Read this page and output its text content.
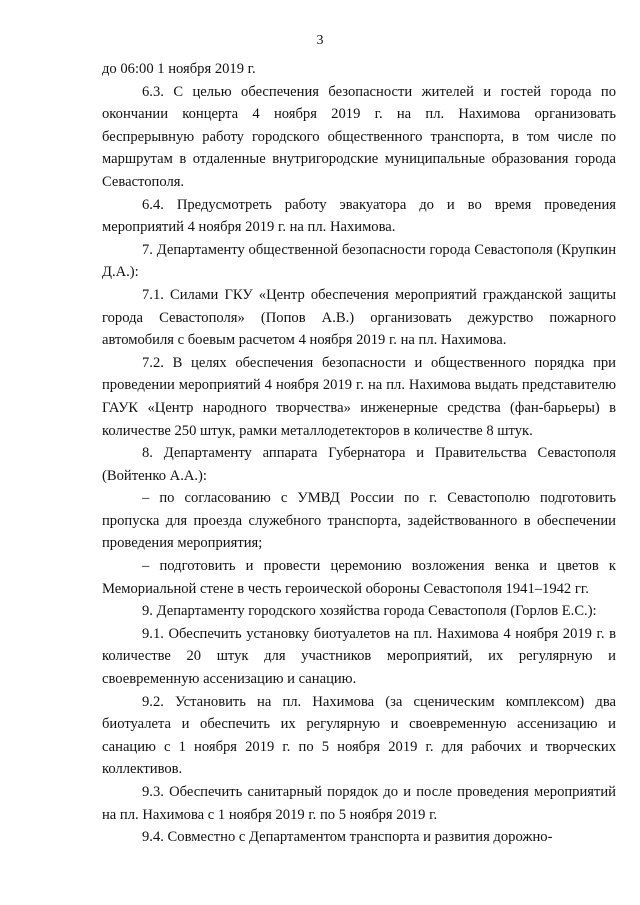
3

до 06:00 1 ноября 2019 г.

6.3. С целью обеспечения безопасности жителей и гостей города по окончании концерта 4 ноября 2019 г. на пл. Нахимова организовать беспрерывную работу городского общественного транспорта, в том числе по маршрутам в отдаленные внутригородские муниципальные образования города Севастополя.

6.4. Предусмотреть работу эвакуатора до и во время проведения мероприятий 4 ноября 2019 г. на пл. Нахимова.

7. Департаменту общественной безопасности города Севастополя (Крупкин Д.А.):

7.1. Силами ГКУ «Центр обеспечения мероприятий гражданской защиты города Севастополя» (Попов А.В.) организовать дежурство пожарного автомобиля с боевым расчетом 4 ноября 2019 г. на пл. Нахимова.

7.2. В целях обеспечения безопасности и общественного порядка при проведении мероприятий 4 ноября 2019 г. на пл. Нахимова выдать представителю ГАУК «Центр народного творчества» инженерные средства (фан-барьеры) в количестве 250 штук, рамки металлодетекторов в количестве 8 штук.

8. Департаменту аппарата Губернатора и Правительства Севастополя (Войтенко А.А.):

– по согласованию с УМВД России по г. Севастополю подготовить пропуска для проезда служебного транспорта, задействованного в обеспечении проведения мероприятия;

– подготовить и провести церемонию возложения венка и цветов к Мемориальной стене в честь героической обороны Севастополя 1941–1942 гг.

9. Департаменту городского хозяйства города Севастополя (Горлов Е.С.):

9.1. Обеспечить установку биотуалетов на пл. Нахимова 4 ноября 2019 г. в количестве 20 штук для участников мероприятий, их регулярную и своевременную ассенизацию и санацию.

9.2. Установить на пл. Нахимова (за сценическим комплексом) два биотуалета и обеспечить их регулярную и своевременную ассенизацию и санацию с 1 ноября 2019 г. по 5 ноября 2019 г. для рабочих и творческих коллективов.

9.3. Обеспечить санитарный порядок до и после проведения мероприятий на пл. Нахимова с 1 ноября 2019 г. по 5 ноября 2019 г.

9.4. Совместно с Департаментом транспорта и развития дорожно-
